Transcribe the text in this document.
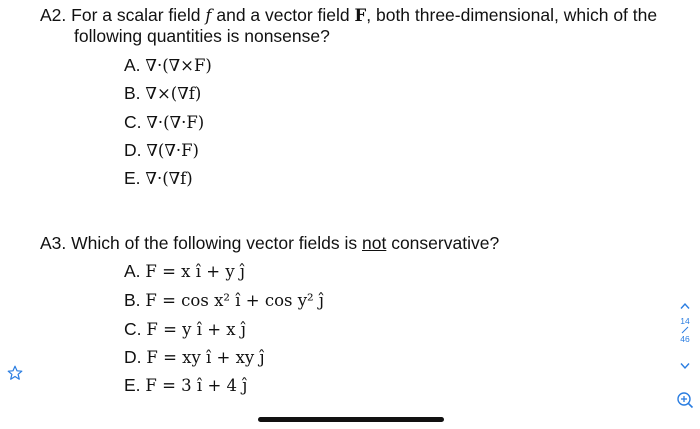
A2. For a scalar field f and a vector field F, both three-dimensional, which of the
following quantities is nonsense?
A. ∇·(∇×F)
B. ∇×(∇f)
C. ∇·(∇·F)
D. ∇(∇·F)
E. ∇·(∇f)
A3. Which of the following vector fields is not conservative?
A. F = x î + y ĵ
B. F = cos x² î + cos y² ĵ
C. F = y î + x ĵ
D. F = xy î + xy ĵ
E. F = 3 î + 4 ĵ
14
46
